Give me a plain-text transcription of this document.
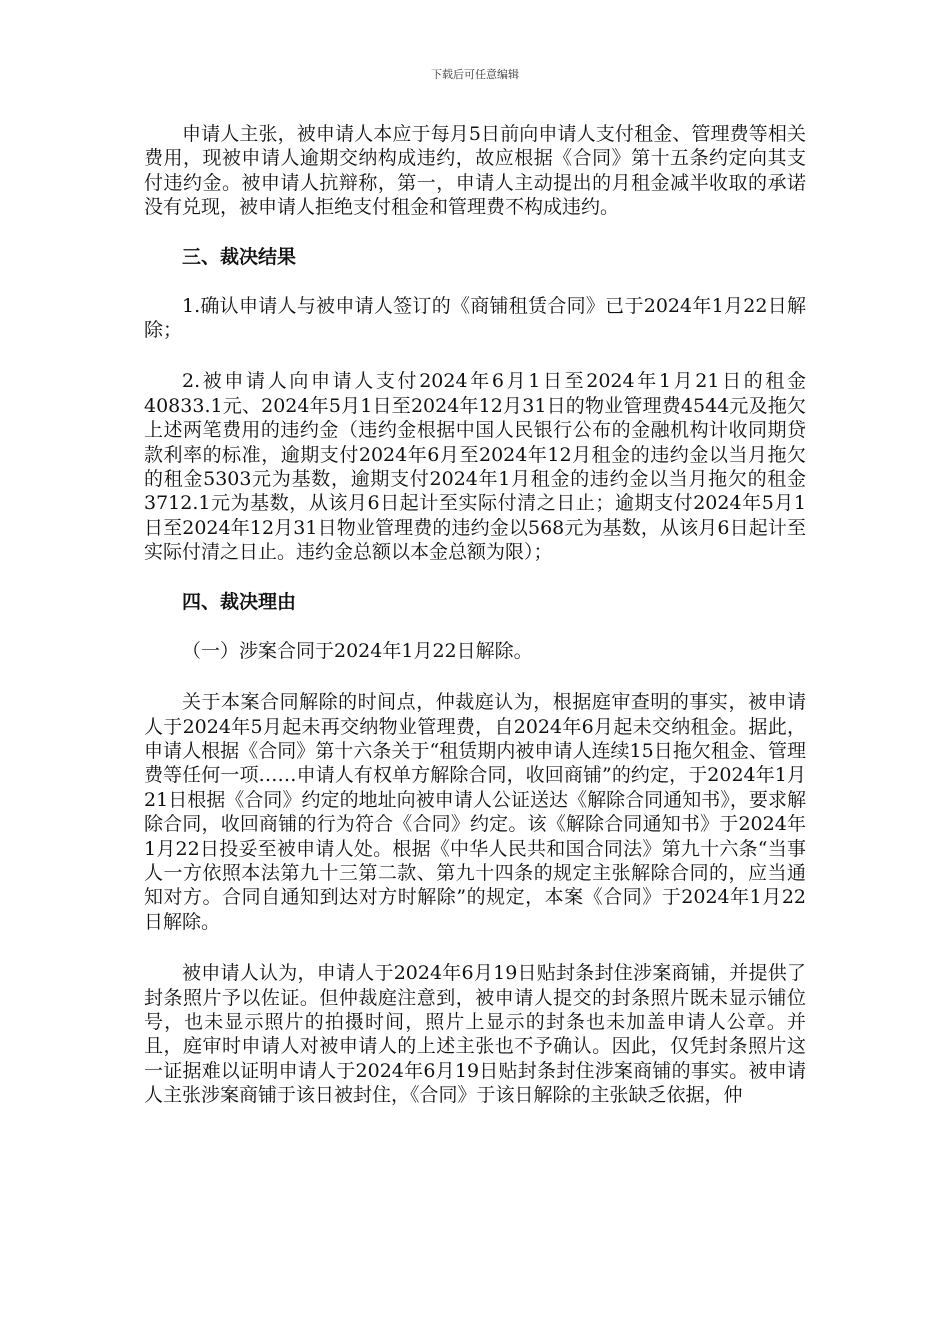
下载后可任意编辑

申请人主张，被申请人本应于每月5日前向申请人支付租金、管理费等相关费用，现被申请人逾期交纳构成违约，故应根据《合同》第十五条约定向其支付违约金。被申请人抗辩称，第一，申请人主动提出的月租金减半收取的承诺没有兑现，被申请人拒绝支付租金和管理费不构成违约。

三、裁决结果

1.确认申请人与被申请人签订的《商铺租赁合同》已于2024年1月22日解除；

2.被申请人向申请人支付2024年6月1日至2024年1月21日的租金40833.1元、2024年5月1日至2024年12月31日的物业管理费4544元及拖欠上述两笔费用的违约金（违约金根据中国人民银行公布的金融机构计收同期贷款利率的标准，逾期支付2024年6月至2024年12月租金的违约金以当月拖欠的租金5303元为基数，逾期支付2024年1月租金的违约金以当月拖欠的租金3712.1元为基数，从该月6日起计至实际付清之日止；逾期支付2024年5月1日至2024年12月31日物业管理费的违约金以568元为基数，从该月6日起计至实际付清之日止。违约金总额以本金总额为限）；

四、裁决理由

（一）涉案合同于2024年1月22日解除。

关于本案合同解除的时间点，仲裁庭认为，根据庭审查明的事实，被申请人于2024年5月起未再交纳物业管理费，自2024年6月起未交纳租金。据此，申请人根据《合同》第十六条关于“租赁期内被申请人连续15日拖欠租金、管理费等任何一项……申请人有权单方解除合同，收回商铺”的约定，于2024年1月21日根据《合同》约定的地址向被申请人公证送达《解除合同通知书》，要求解除合同，收回商铺的行为符合《合同》约定。该《解除合同通知书》于2024年1月22日投妥至被申请人处。根据《中华人民共和国合同法》第九十六条“当事人一方依照本法第九十三第二款、第九十四条的规定主张解除合同的，应当通知对方。合同自通知到达对方时解除”的规定，本案《合同》于2024年1月22日解除。

被申请人认为，申请人于2024年6月19日贴封条封住涉案商铺，并提供了封条照片予以佐证。但仲裁庭注意到，被申请人提交的封条照片既未显示铺位号，也未显示照片的拍摄时间，照片上显示的封条也未加盖申请人公章。并且，庭审时申请人对被申请人的上述主张也不予确认。因此，仅凭封条照片这一证据难以证明申请人于2024年6月19日贴封条封住涉案商铺的事实。被申请人主张涉案商铺于该日被封住，《合同》于该日解除的主张缺乏依据，仲
